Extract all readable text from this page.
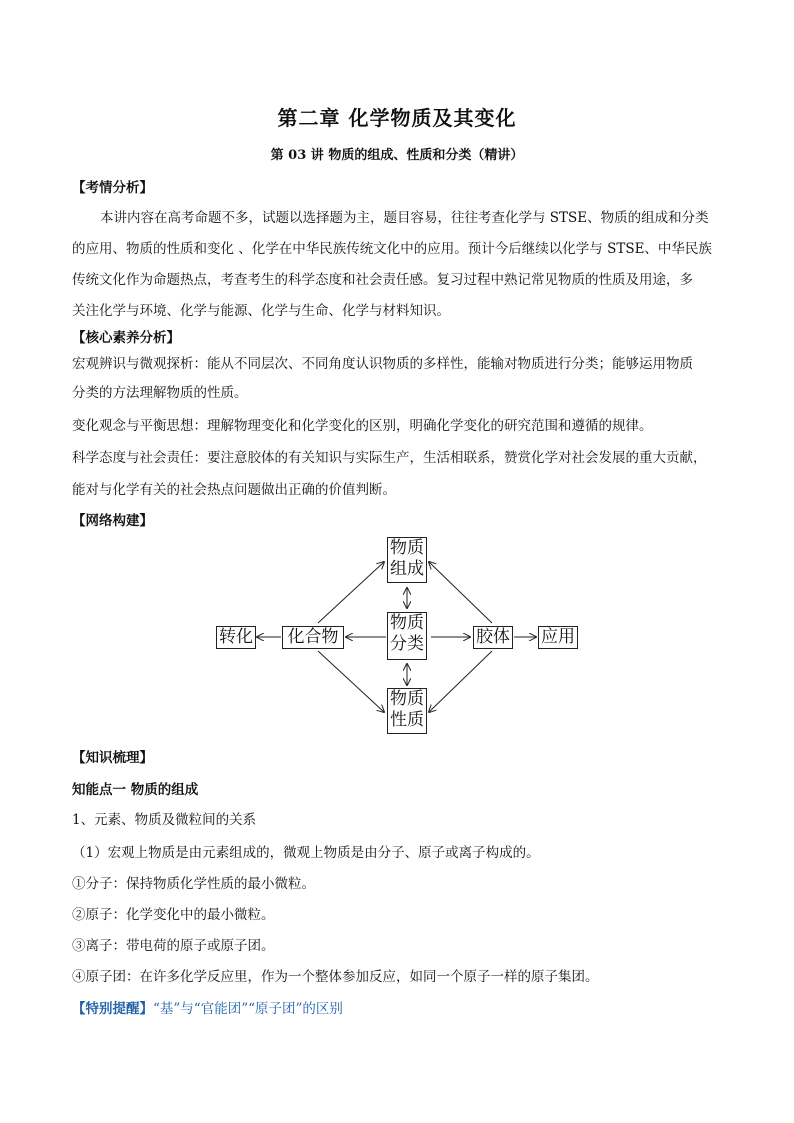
第二章 化学物质及其变化
第 03 讲 物质的组成、性质和分类（精讲）
【考情分析】
本讲内容在高考命题不多，试题以选择题为主，题目容易，往往考查化学与 STSE、物质的组成和分类
的应用、物质的性质和变化 、化学在中华民族传统文化中的应用。预计今后继续以化学与 STSE、中华民族
传统文化作为命题热点，考查考生的科学态度和社会责任感。复习过程中熟记常见物质的性质及用途，多
关注化学与环境、化学与能源、化学与生命、化学与材料知识。
【核心素养分析】
宏观辨识与微观探析：能从不同层次、不同角度认识物质的多样性，能输对物质进行分类；能够运用物质
分类的方法理解物质的性质。
变化观念与平衡思想：理解物理变化和化学变化的区别，明确化学变化的研究范围和遵循的规律。
科学态度与社会责任：要注意胶体的有关知识与实际生产，生活相联系，赞赏化学对社会发展的重大贡献，
能对与化学有关的社会热点问题做出正确的价值判断。
【网络构建】
物质
组成
物质
分类
物质
性质
化合物
转化	胶体 应用
【知识梳理】
知能点一 物质的组成
1、元素、物质及微粒间的关系
（1）宏观上物质是由元素组成的，微观上物质是由分子、原子或离子构成的。
①分子：保持物质化学性质的最小微粒。
②原子：化学变化中的最小微粒。
③离子：带电荷的原子或原子团。
④原子团：在许多化学反应里，作为一个整体参加反应，如同一个原子一样的原子集团。
【特别提醒】“基”与“官能团”“原子团”的区别
